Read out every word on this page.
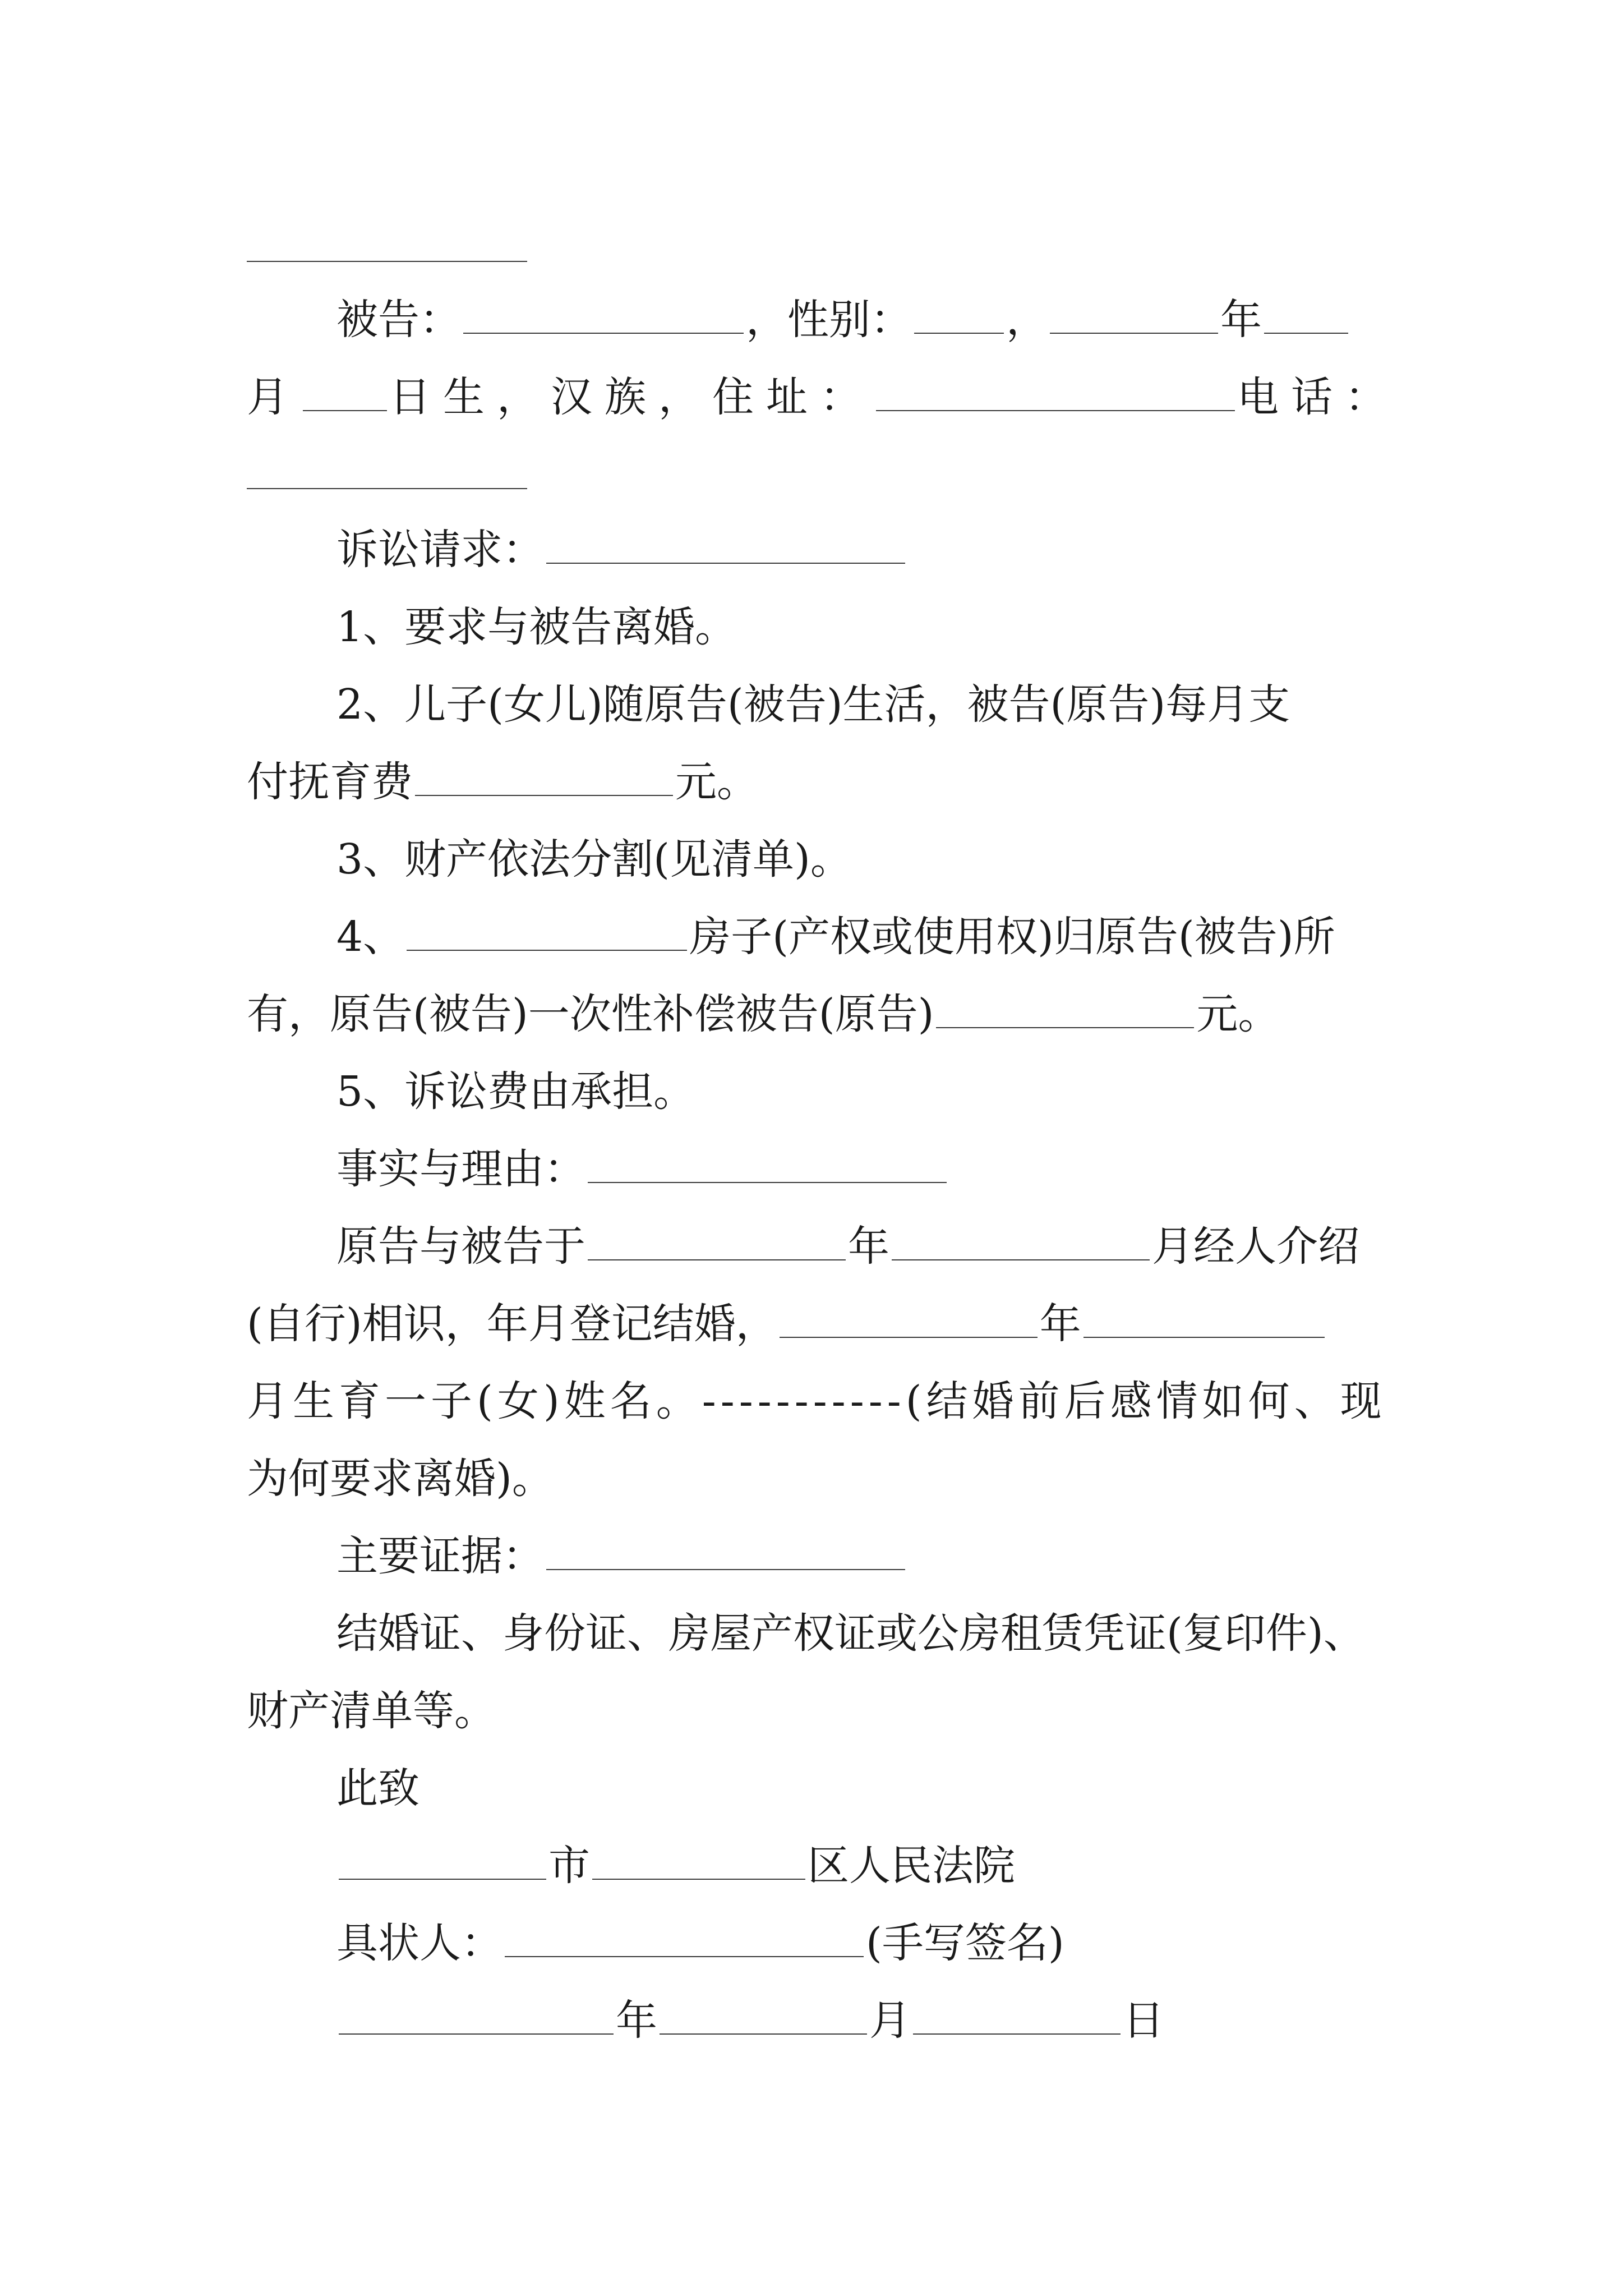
被告：	，性别： ，	年
月 日生，汉族，住址：	电话：
诉讼请求：
1、要求与被告离婚。
2、儿子(女儿)随原告(被告)生活，被告(原告)每月支
付抚育费	元。
3、财产依法分割(见清单)。
4、	房子(产权或使用权)归原告(被告)所
有，原告(被告)一次性补偿被告(原告)	元。
5、诉讼费由承担。
事实与理由：
原告与被告于	年	月经人介绍
(自行)相识，年月登记结婚，	年
月生育一子(女)姓名。-----------(结婚前后感情如何、现
为何要求离婚)。
主要证据：
结婚证、身份证、房屋产权证或公房租赁凭证(复印件)、
财产清单等。
此致
市	区人民法院
具状人：	(手写签名)
年	月	日
